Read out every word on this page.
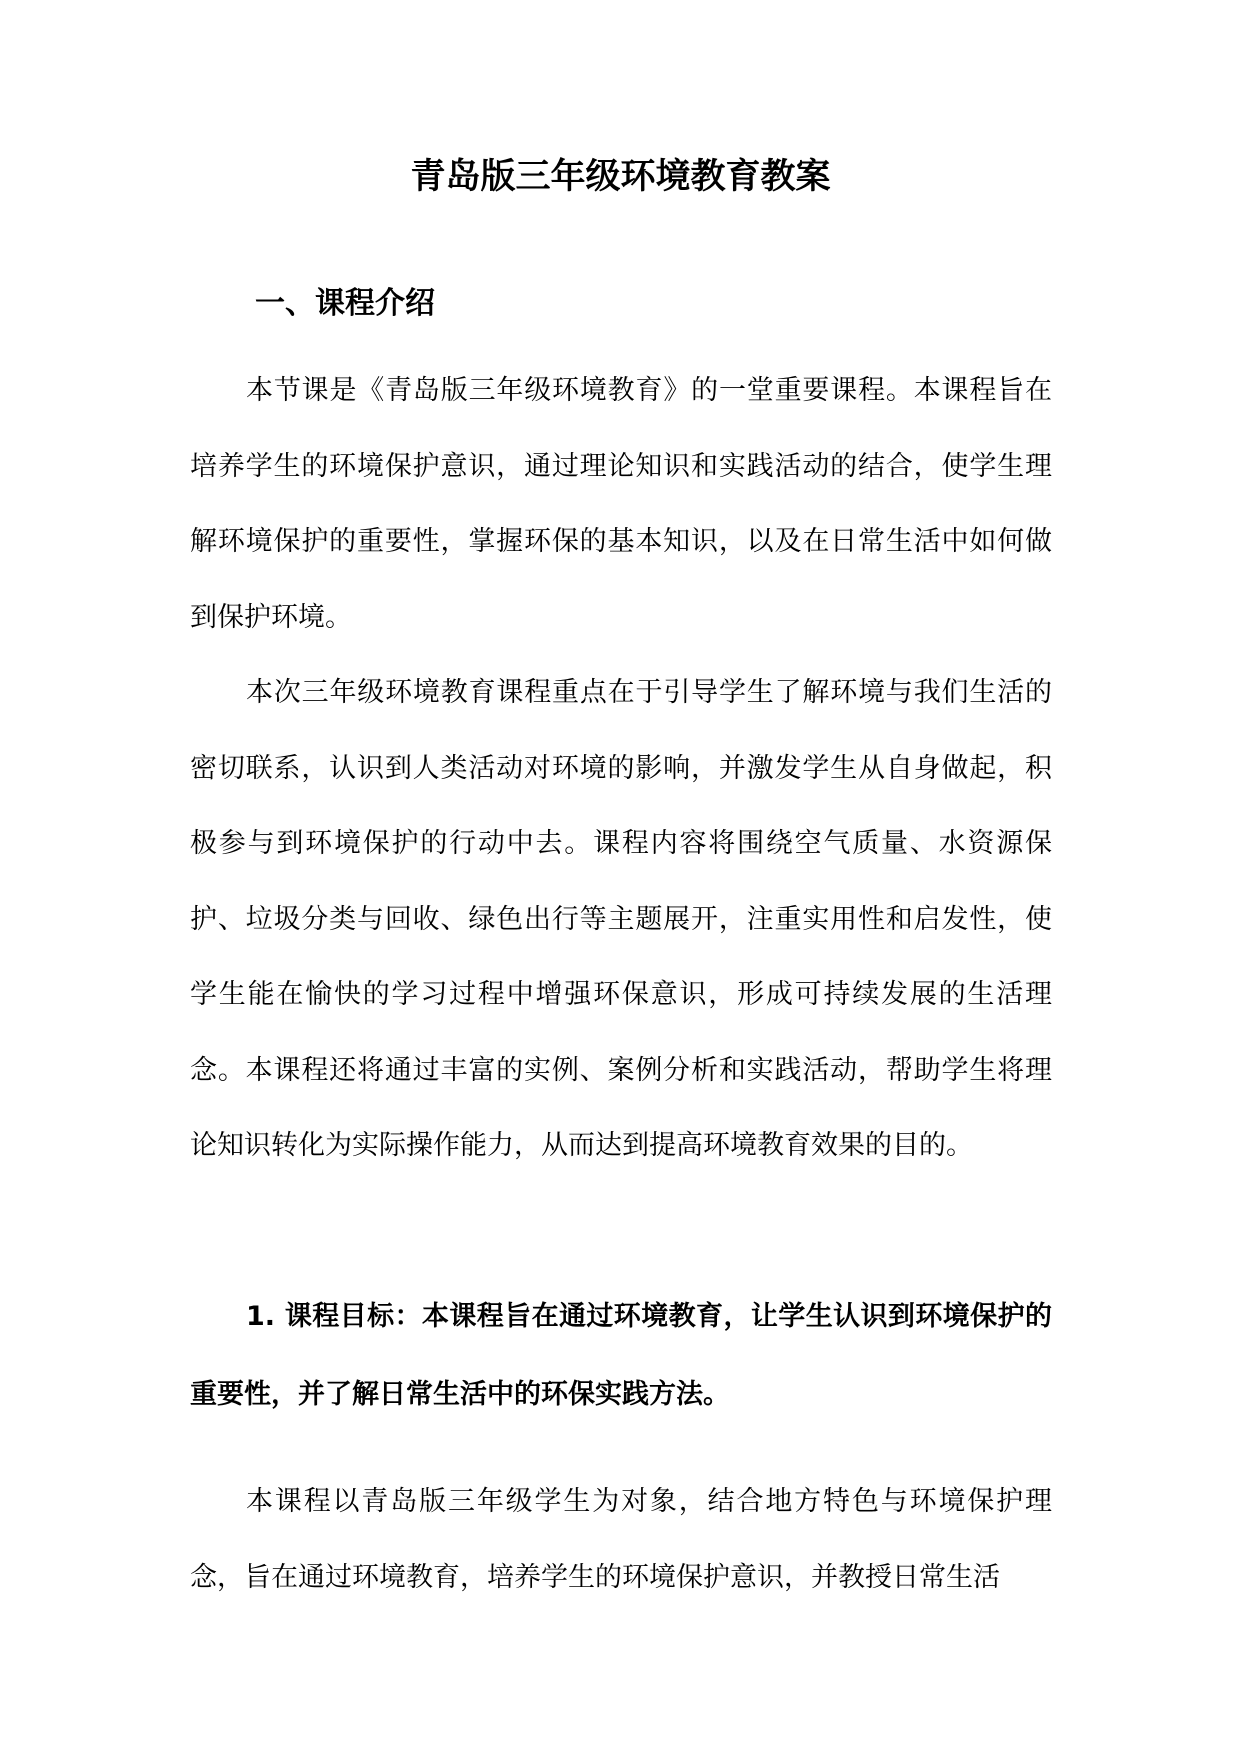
青岛版三年级环境教育教案
一、课程介绍

本节课是《青岛版三年级环境教育》的一堂重要课程。本课程旨在培养学生的环境保护意识，通过理论知识和实践活动的结合，使学生理解环境保护的重要性，掌握环保的基本知识，以及在日常生活中如何做到保护环境。

本次三年级环境教育课程重点在于引导学生了解环境与我们生活的密切联系，认识到人类活动对环境的影响，并激发学生从自身做起，积极参与到环境保护的行动中去。课程内容将围绕空气质量、水资源保护、垃圾分类与回收、绿色出行等主题展开，注重实用性和启发性，使学生能在愉快的学习过程中增强环保意识，形成可持续发展的生活理念。本课程还将通过丰富的实例、案例分析和实践活动，帮助学生将理论知识转化为实际操作能力，从而达到提高环境教育效果的目的。

1. 课程目标：本课程旨在通过环境教育，让学生认识到环境保护的重要性，并了解日常生活中的环保实践方法。

本课程以青岛版三年级学生为对象，结合地方特色与环境保护理念，旨在通过环境教育，培养学生的环境保护意识，并教授日常生活
